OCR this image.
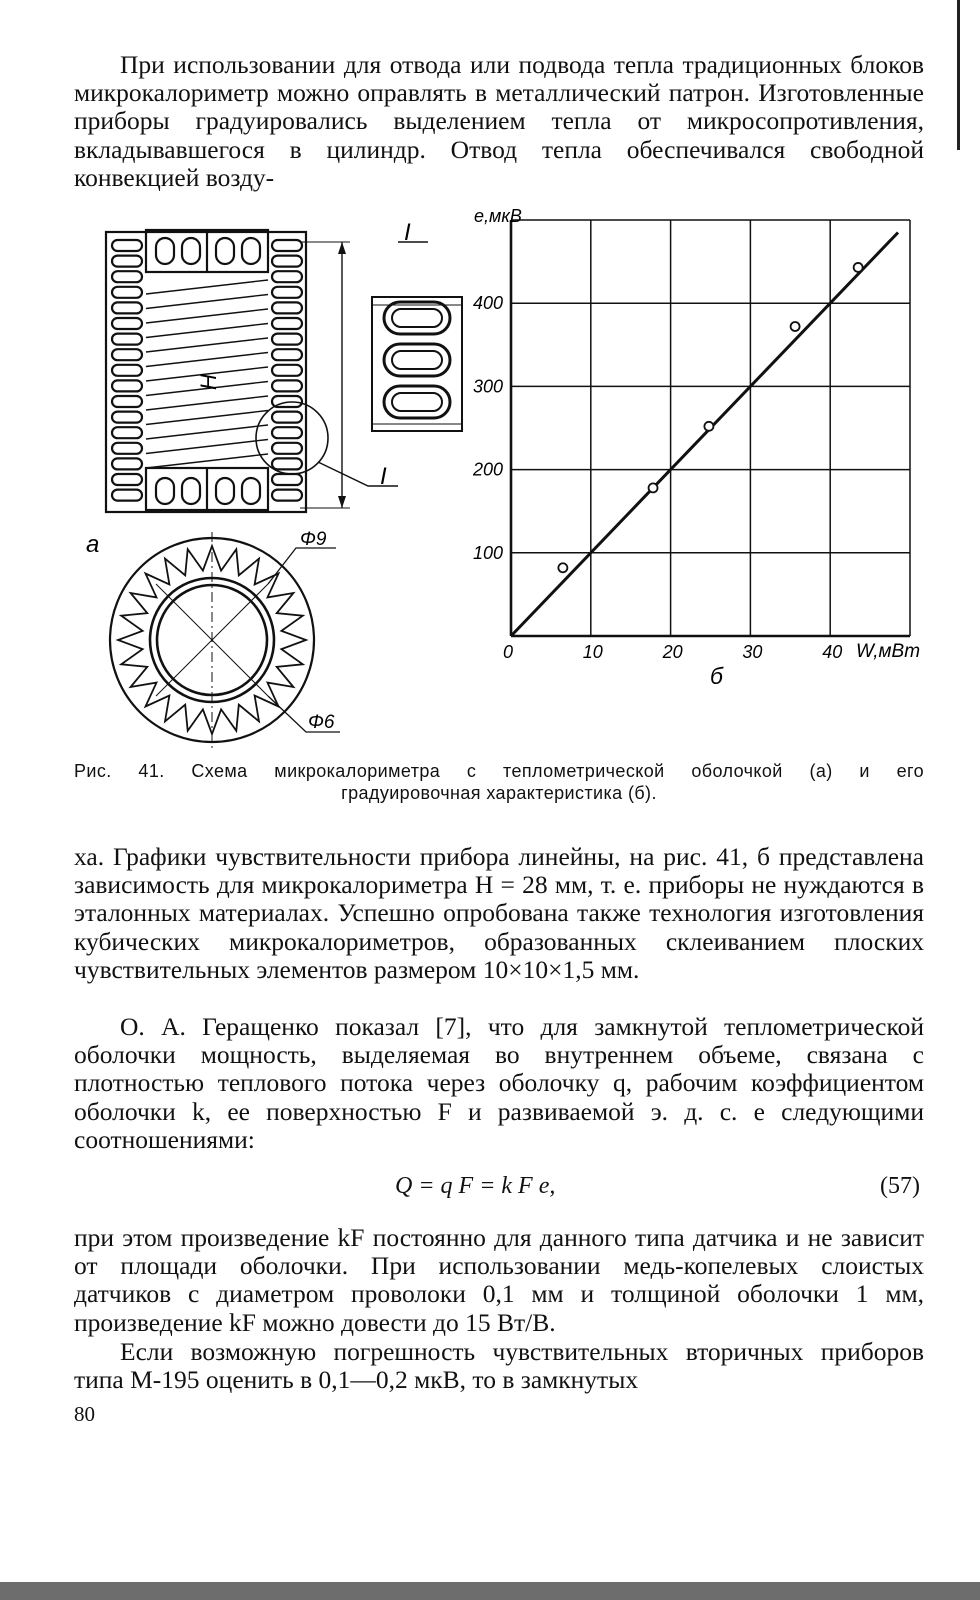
При использовании для отвода или подвода тепла традиционных блоков микрокалориметр можно оправлять в металлический патрон. Изготовленные приборы градуировались выделением тепла от микросопротивления, вкладывавшегося в цилиндр. Отвод тепла обеспечивался свободной конвекцией возду-

H
I
I
а	Φ9
Φ6
0	10	20	30	40
100
200
300
400
e,мкВ
W,мВт
б
Рис. 41. Схема микрокалориметра с теплометрической оболочкой (а) и его
градуировочная характеристика (б).

ха. Графики чувствительности прибора линейны, на рис. 41, б представлена зависимость для микрокалориметра H = 28 мм, т. е. приборы не нуждаются в эталонных материалах. Успешно опробована также технология изготовления кубических микрокалориметров, образованных склеиванием плоских чувствительных элементов размером 10×10×1,5 мм.

О. А. Геращенко показал [7], что для замкнутой теплометрической оболочки мощность, выделяемая во внутреннем объеме, связана с плотностью теплового потока через оболочку q, рабочим коэффициентом оболочки k, ее поверхностью F и развиваемой э. д. с. e следующими соотношениями:

Q = q F = k F e,	(57)

при этом произведение kF постоянно для данного типа датчика и не зависит от площади оболочки. При использовании медь-копелевых слоистых датчиков с диаметром проволоки 0,1 мм и толщиной оболочки 1 мм, произведение kF можно довести до 15 Вт/В.

Если возможную погрешность чувствительных вторичных приборов типа М-195 оценить в 0,1—0,2 мкВ, то в замкнутых

80
